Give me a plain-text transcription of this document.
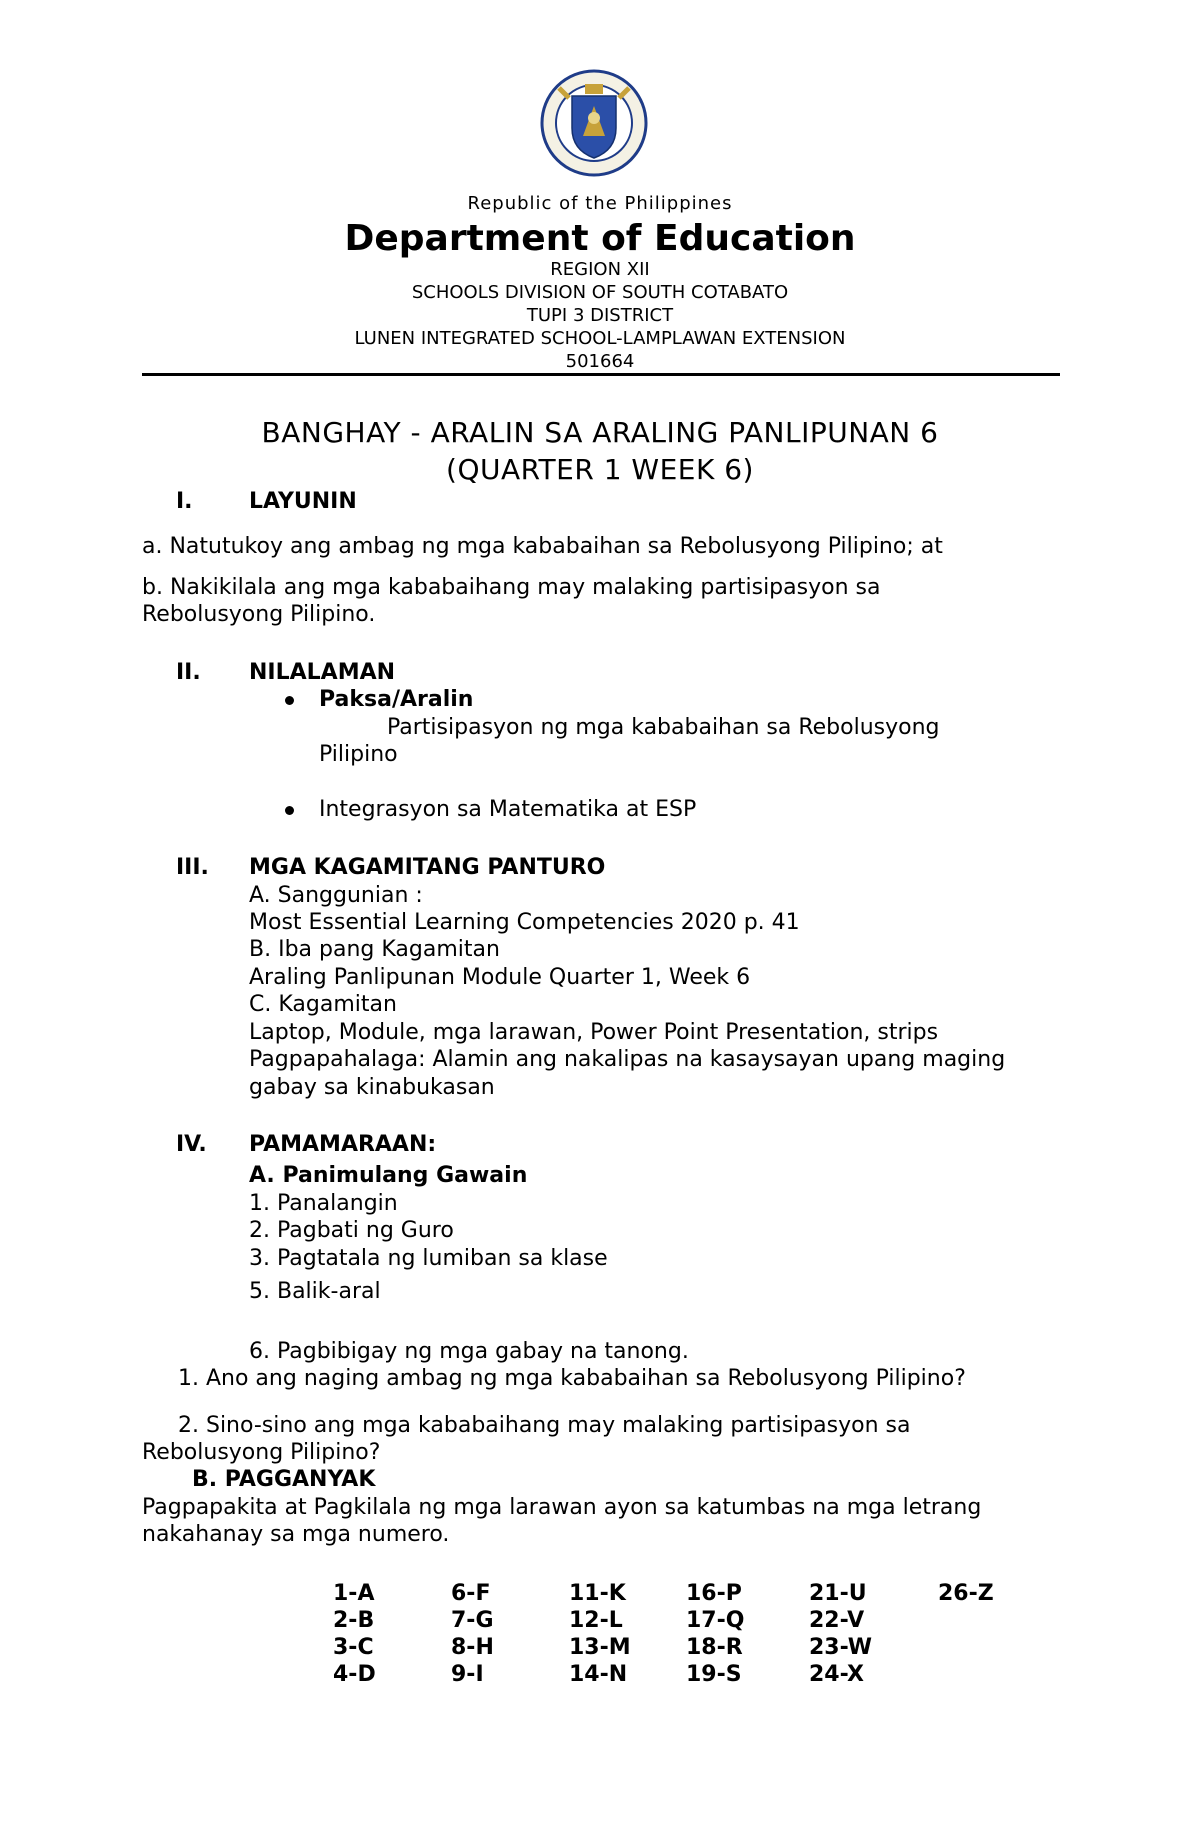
Republic of the Philippines
Department of Education
REGION XII
SCHOOLS DIVISION OF SOUTH COTABATO
TUPI 3 DISTRICT
LUNEN INTEGRATED SCHOOL-LAMPLAWAN EXTENSION
501664
BANGHAY - ARALIN SA ARALING PANLIPUNAN 6
(QUARTER 1 WEEK 6)
I.	LAYUNIN
a. Natutukoy ang ambag ng mga kababaihan sa Rebolusyong Pilipino; at
b. Nakikilala ang mga kababaihang may malaking partisipasyon sa
Rebolusyong Pilipino.
II. NILALAMAN
Paksa/Aralin
Partisipasyon ng mga kababaihan sa Rebolusyong
Pilipino
Integrasyon sa Matematika at ESP
III. MGA KAGAMITANG PANTURO
A. Sanggunian :
Most Essential Learning Competencies 2020 p. 41
B. Iba pang Kagamitan
Araling Panlipunan Module Quarter 1, Week 6
C. Kagamitan
Laptop, Module, mga larawan, Power Point Presentation, strips
Pagpapahalaga: Alamin ang nakalipas na kasaysayan upang maging
gabay sa kinabukasan
IV. PAMAMARAAN:
A. Panimulang Gawain
1. Panalangin
2. Pagbati ng Guro
3. Pagtatala ng lumiban sa klase
5. Balik-aral
6. Pagbibigay ng mga gabay na tanong.
1. Ano ang naging ambag ng mga kababaihan sa Rebolusyong Pilipino?
2. Sino-sino ang mga kababaihang may malaking partisipasyon sa
Rebolusyong Pilipino?
B. PAGGANYAK
Pagpapakita at Pagkilala ng mga larawan ayon sa katumbas na mga letrang
nakahanay sa mga numero.
1-A
2-B
3-C
4-D
6-F
7-G
8-H
9-I
11-K
12-L
13-M
14-N
16-P
17-Q
18-R
19-S
21-U
22-V
23-W
24-X
26-Z
